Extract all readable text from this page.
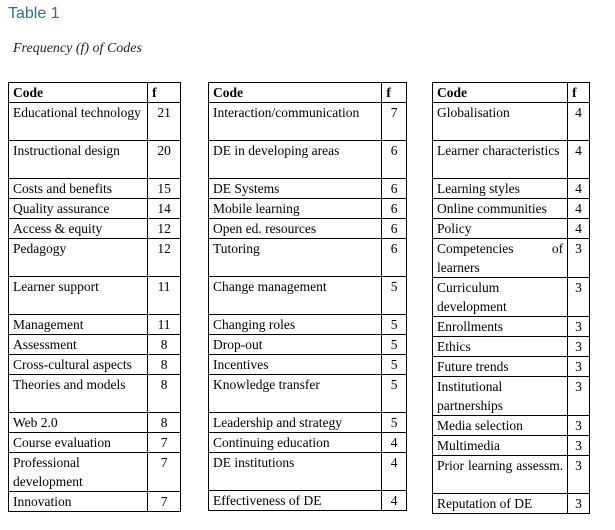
Table 1
Frequency (f) of Codes
Code	f
Educational technology	21
Instructional design	20
Costs and benefits	15
Quality assurance	14
Access & equity	12
Pedagogy	12
Learner support	11
Management	11
Assessment	8
Cross-cultural aspects	8
Theories and models	8
Web 2.0	8
Course evaluation	7
Professional development	7
Innovation	7
Code	f
Interaction/communication	7
DE in developing areas	6
DE Systems	6
Mobile learning	6
Open ed. resources	6
Tutoring	6
Change management	5
Changing roles	5
Drop-out	5
Incentives	5
Knowledge transfer	5
Leadership and strategy	5
Continuing education	4
DE institutions	4
Effectiveness of DE	4
Code	f
Globalisation	4
Learner characteristics	4
Learning styles	4
Online communities	4
Policy	4
Competencies of learners	3
Curriculum development	3
Enrollments	3
Ethics	3
Future trends	3
Institutional partnerships	3
Media selection	3
Multimedia	3
Prior learning assessm.	3
Reputation of DE	3
